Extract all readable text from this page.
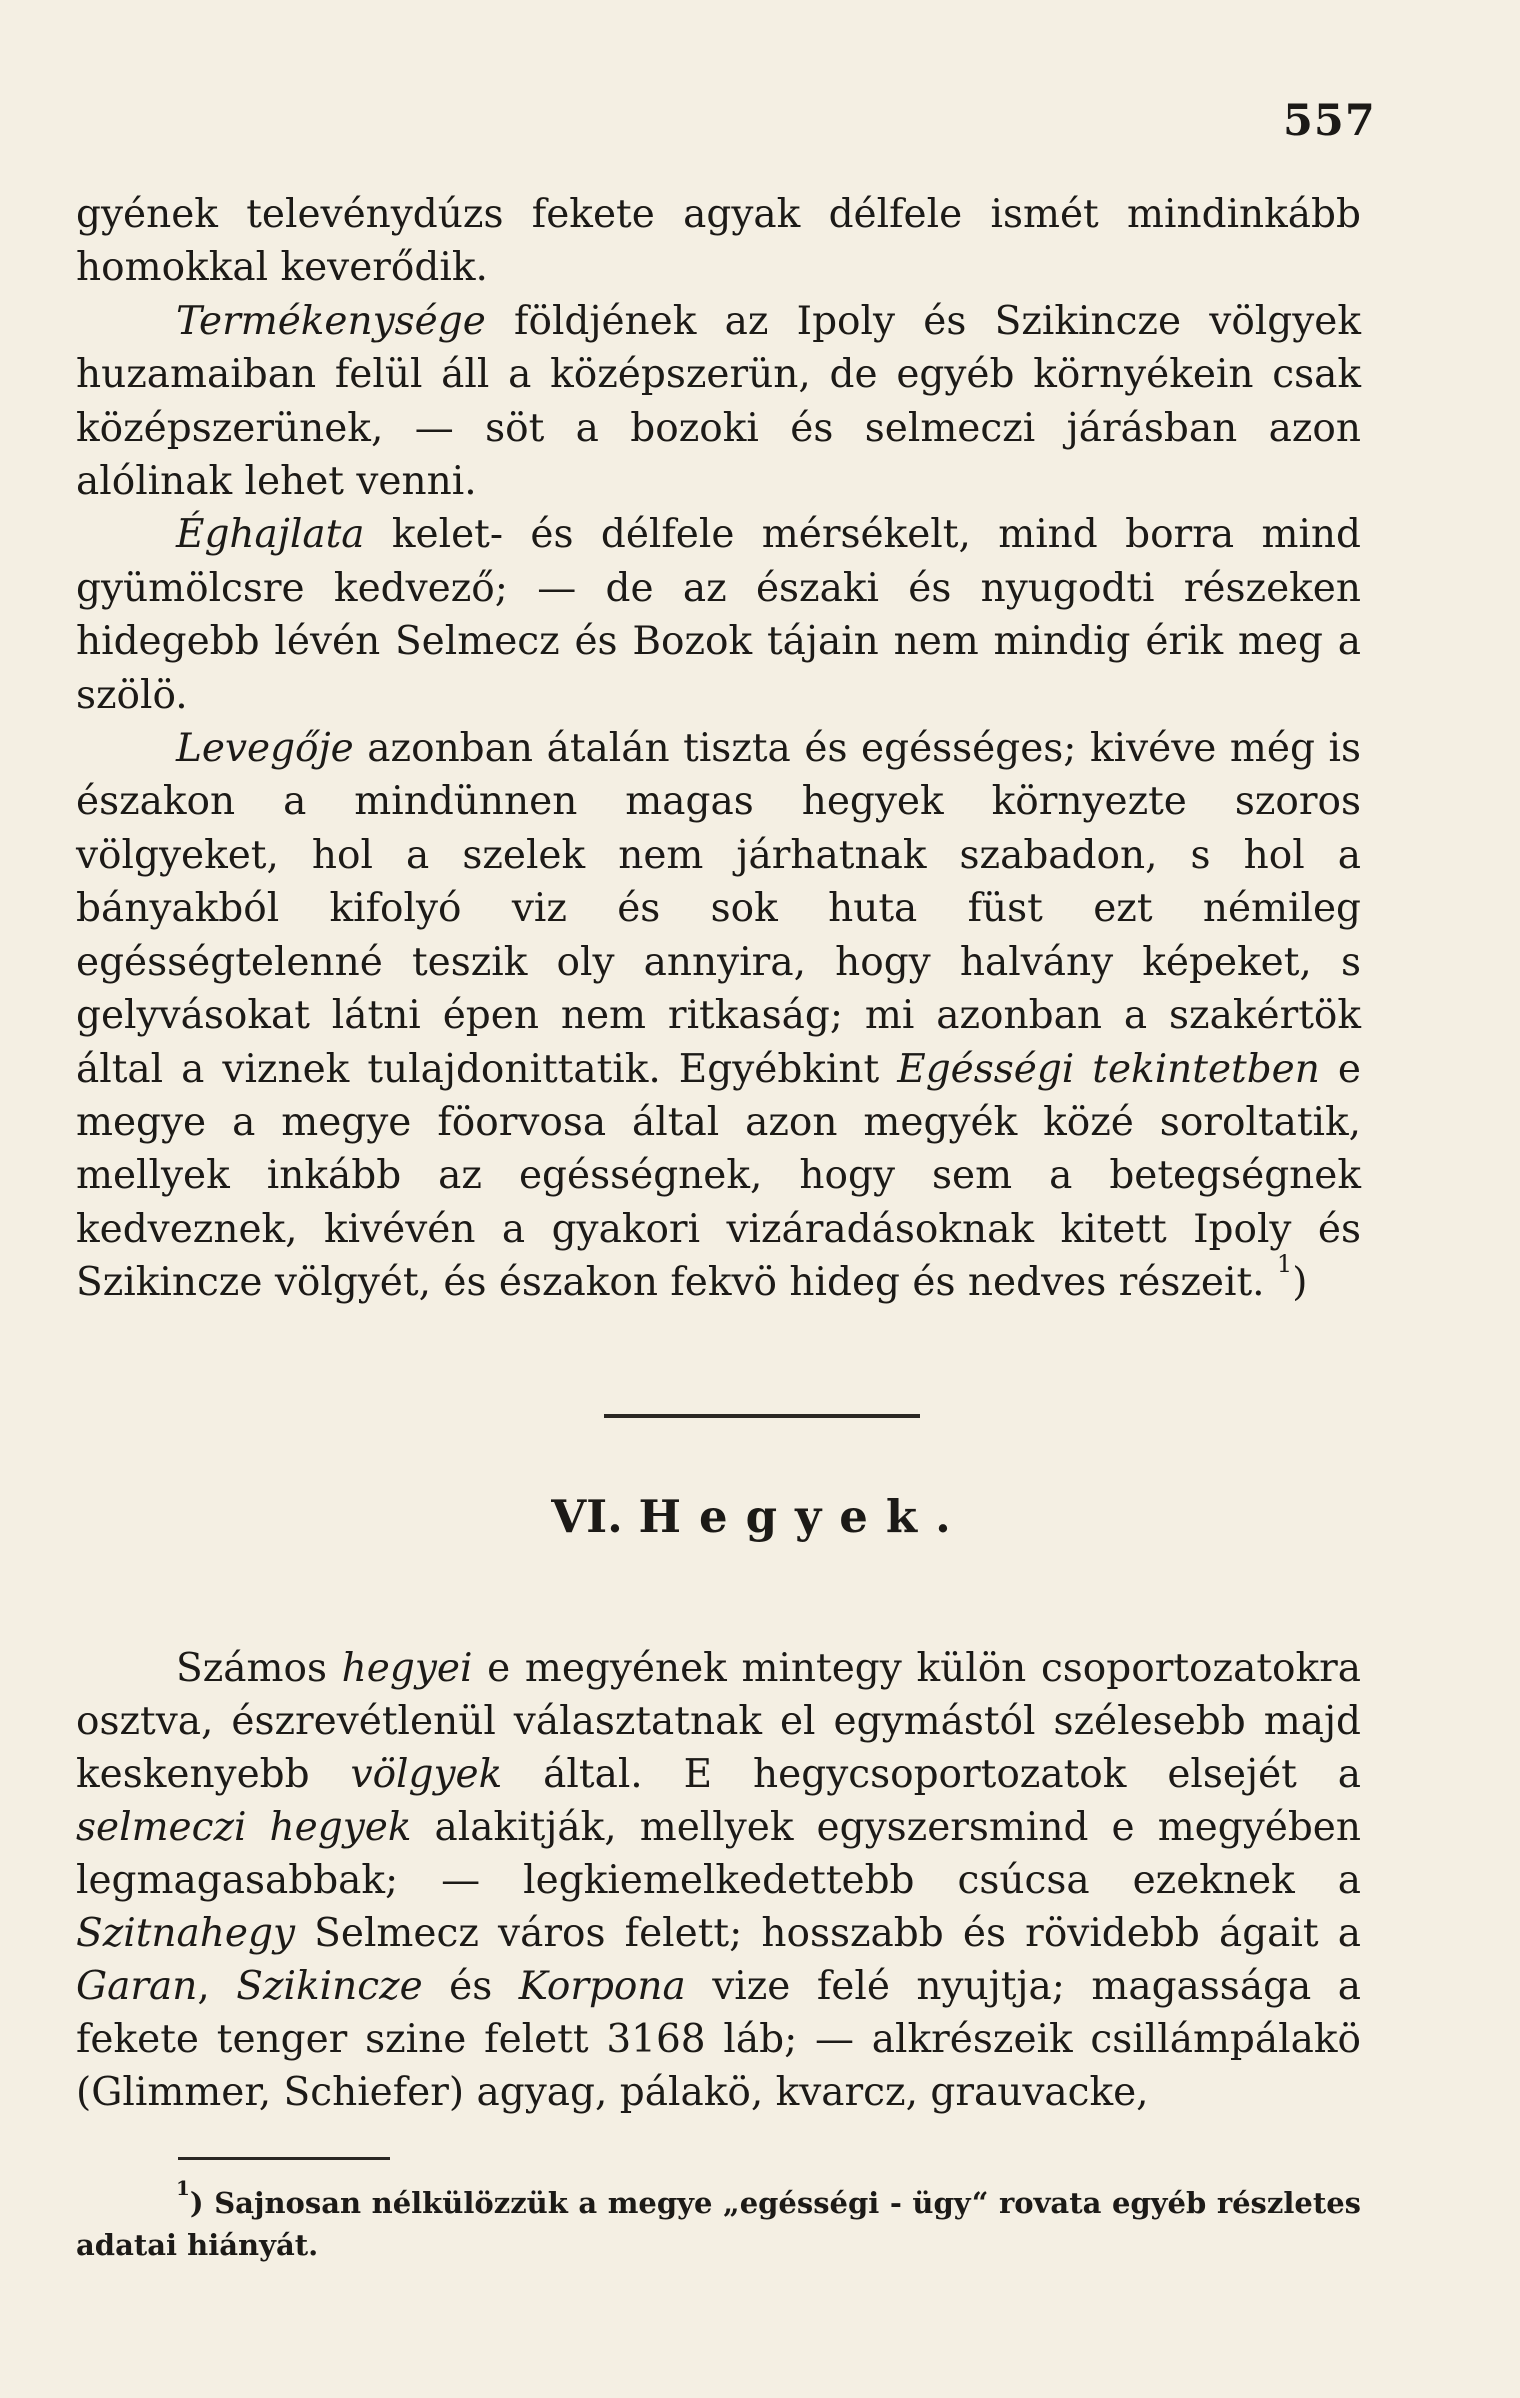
557

gyének televénydúzs fekete agyak délfele ismét mindinkább homokkal keverődik.

Termékenysége földjének az Ipoly és Szikincze völgyek huzamaiban felül áll a középszerün, de egyéb környékein csak középszerünek, — söt a bozoki és selmeczi járásban azon alólinak lehet venni.

Éghajlata kelet- és délfele mérsékelt, mind borra mind gyümölcsre kedvező; — de az északi és nyugodti részeken hidegebb lévén Selmecz és Bozok tájain nem mindig érik meg a szölö.

Levegője azonban átalán tiszta és egésséges; kivéve még is északon a mindünnen magas hegyek környezte szoros völgyeket, hol a szelek nem járhatnak szabadon, s hol a bányakból kifolyó viz és sok huta füst ezt némileg egésségtelenné teszik oly annyira, hogy halvány képeket, s gelyvásokat látni épen nem ritkaság; mi azonban a szakértök által a viznek tulajdonittatik. Egyébkint Egésségi tekintetben e megye a megye föorvosa által azon megyék közé soroltatik, mellyek inkább az egésségnek, hogy sem a betegségnek kedveznek, kivévén a gyakori vizáradásoknak kitett Ipoly és Szikincze völgyét, és északon fekvö hideg és nedves részeit. $^1$)

VI. Hegyek.

Számos hegyei e megyének mintegy külön csoportozatokra osztva, észrevétlenül választatnak el egymástól szélesebb majd keskenyebb völgyek által. E hegycsoportozatok elsejét a selmeczi hegyek alakitják, mellyek egyszersmind e megyében legmagasabbak; — legkiemelkedettebb csúcsa ezeknek a Szitnahegy Selmecz város felett; hosszabb és rövidebb ágait a Garan, Szikincze és Korpona vize felé nyujtja; magassága a fekete tenger szine felett 3168 láb; — alkrészeik csillámpálakö (Glimmer, Schiefer) agyag, pálakö, kvarcz, grauvacke,

$^1$) Sajnosan nélkülözzük a megye „egésségi - ügy“ rovata egyéb részletes adatai hiányát.
